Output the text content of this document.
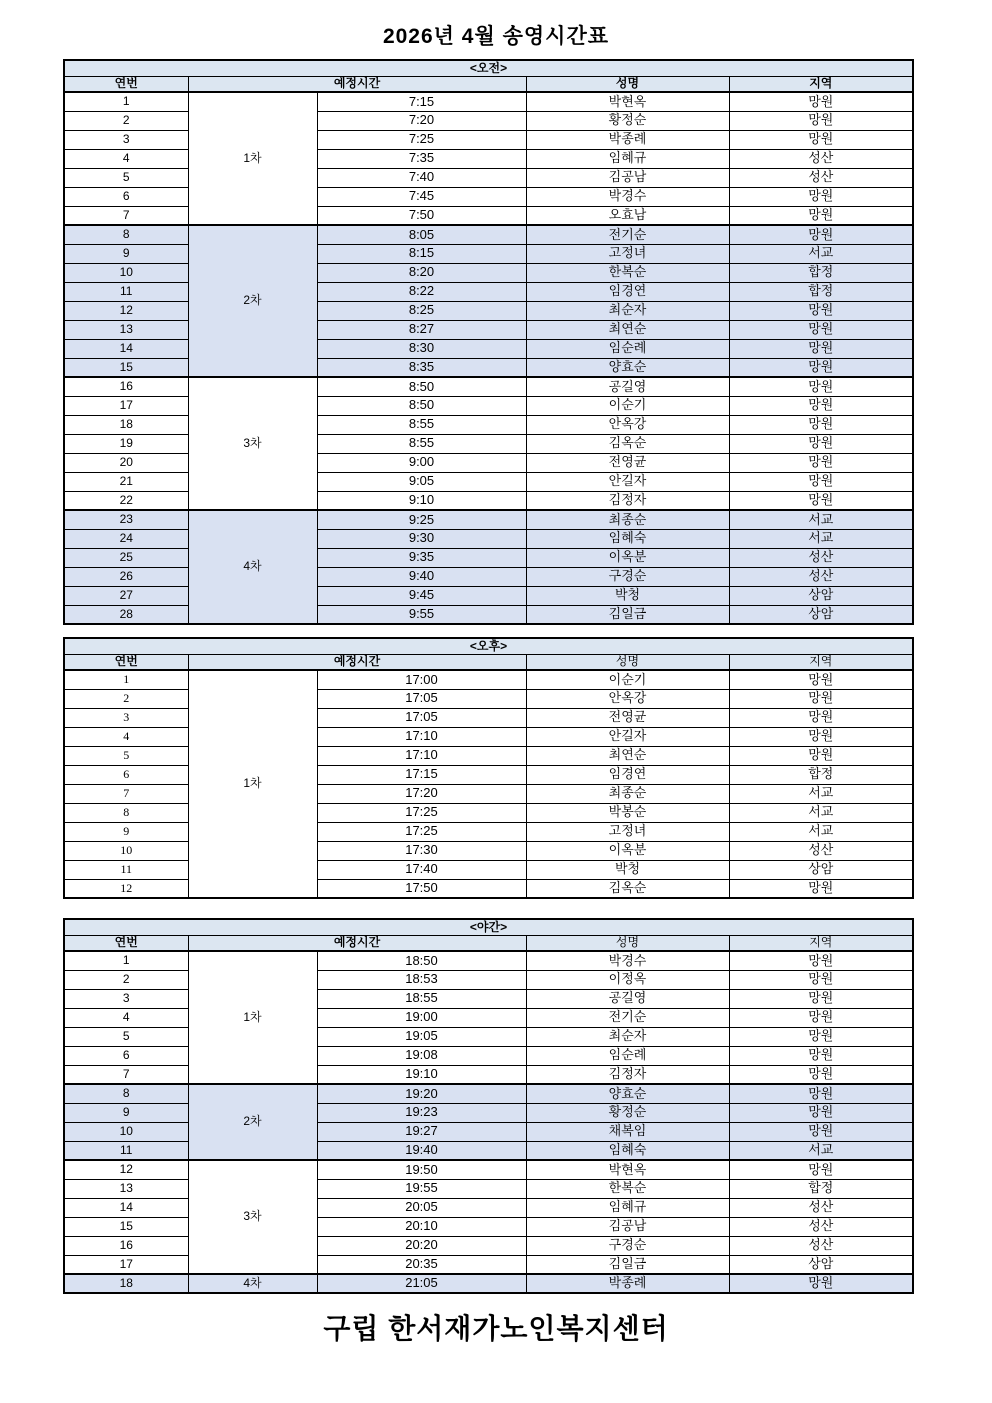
2026년 4월 송영시간표
<오전>				
연번	예정시간		성명	지역
1	1차	7:15	박현옥	망원
2		7:20	황정순	망원
3		7:25	박종례	망원
4		7:35	임혜규	성산
5		7:40	김공남	성산
6		7:45	박경수	망원
7		7:50	오효남	망원
8	2차	8:05	전기순	망원
9		8:15	고정녀	서교
10		8:20	한복순	합정
11		8:22	임경연	합정
12		8:25	최순자	망원
13		8:27	최연순	망원
14		8:30	임순례	망원
15		8:35	양효순	망원
16	3차	8:50	공길영	망원
17		8:50	이순기	망원
18		8:55	안옥강	망원
19		8:55	김옥순	망원
20		9:00	전영균	망원
21		9:05	안길자	망원
22		9:10	김정자	망원
23	4차	9:25	최종순	서교
24		9:30	임혜숙	서교
25		9:35	이옥분	성산
26		9:40	구경순	성산
27		9:45	박청	상암
28		9:55	김일금	상암
<오후>				
연번	예정시간		성명	지역
1	1차	17:00	이순기	망원
2		17:05	안옥강	망원
3		17:05	전영균	망원
4		17:10	안길자	망원
5		17:10	최연순	망원
6		17:15	임경연	합정
7		17:20	최종순	서교
8		17:25	박봉순	서교
9		17:25	고정녀	서교
10		17:30	이옥분	성산
11		17:40	박청	상암
12		17:50	김옥순	망원
<야간>				
연번	예정시간		성명	지역
1	1차	18:50	박경수	망원
2		18:53	이정옥	망원
3		18:55	공길영	망원
4		19:00	전기순	망원
5		19:05	최순자	망원
6		19:08	임순례	망원
7		19:10	김정자	망원
8	2차	19:20	양효순	망원
9		19:23	황정순	망원
10		19:27	채복임	망원
11		19:40	임혜숙	서교
12	3차	19:50	박현옥	망원
13		19:55	한복순	합정
14		20:05	임혜규	성산
15		20:10	김공남	성산
16		20:20	구경순	성산
17		20:35	김일금	상암
18	4차	21:05	박종례	망원
구립 한서재가노인복지센터
